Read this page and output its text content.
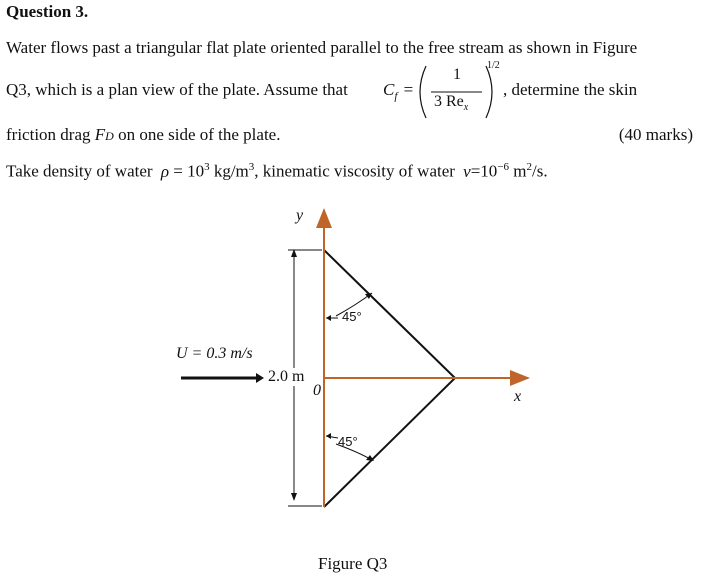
Question 3.
Water flows past a triangular flat plate oriented parallel to the free stream as shown in Figure
Q3, which is a plan view of the plate. Assume that $C_f$ =
1
3 $Re_x$
1/2
, determine the skin
friction drag FD on one side of the plate.	(40 marks)
Take density of water $\rho = 10^3$ $kg/m^3$, kinematic viscosity of water $\nu=10^{-6}$ $m^2/s$.
y
x
0
U = 0.3 m/s
2.0 m
45°
45°
Figure Q3
